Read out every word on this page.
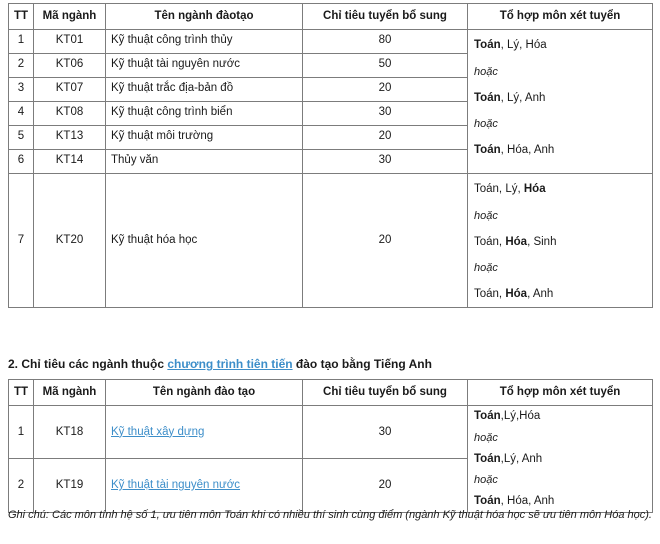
TT	Mã ngành	Tên ngành đàotạo	Chỉ tiêu tuyển bổ sung	Tổ hợp môn xét tuyển

1	KT01	Kỹ thuật công trình thủy	80	Toán, Lý, Hóa
hoặc
Toán, Lý, Anh
hoặc
Toán, Hóa, Anh

2	KT06	Kỹ thuật tài nguyên nước	50	

3	KT07	Kỹ thuật trắc địa-bản đồ	20	

4	KT08	Kỹ thuật công trình biển	30	

5	KT13	Kỹ thuật môi trường	20	

6	KT14	Thủy văn	30	

7	KT20	Kỹ thuật hóa học	20	Toán, Lý, Hóa
hoặc
Toán, Hóa, Sinh
hoặc
Toán, Hóa, Anh
2. Chỉ tiêu các ngành thuộc chương trình tiên tiến đào tạo bằng Tiếng Anh
TT	Mã ngành	Tên ngành đào tạo	Chỉ tiêu tuyển bổ sung	Tổ hợp môn xét tuyển

1	KT18	Kỹ thuật xây dựng	30	Toán,Lý,Hóa
hoặc
Toán,Lý, Anh
hoặc
Toán, Hóa, Anh

2	KT19	Kỹ thuật tài nguyên nước	20	
Ghi chú: Các môn tính hệ số 1, ưu tiên môn Toán khi có nhiều thí sinh cùng điểm (ngành Kỹ thuật hóa học sẽ ưu tiên môn Hóa học).
